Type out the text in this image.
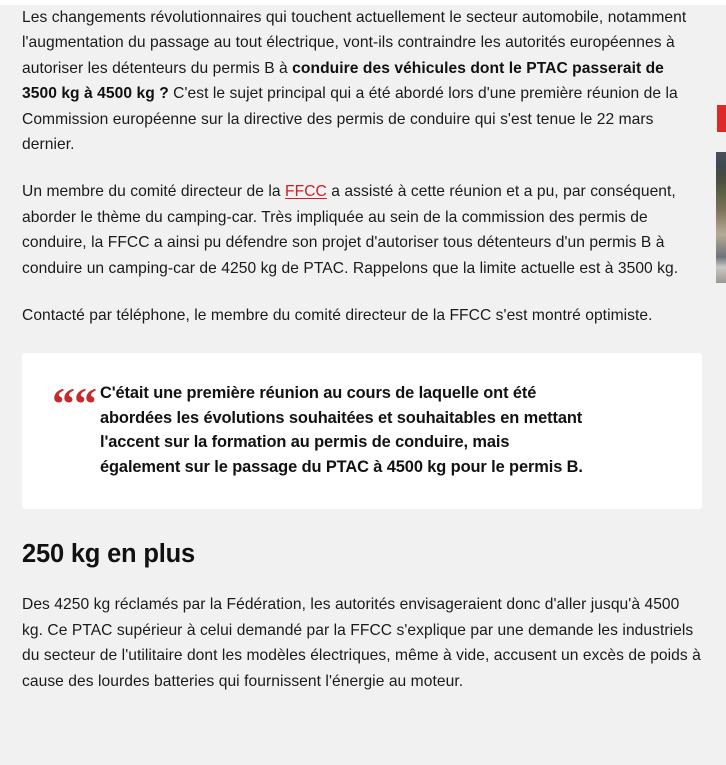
Les changements révolutionnaires qui touchent actuellement le secteur automobile, notamment l'augmentation du passage au tout électrique, vont-ils contraindre les autorités européennes à autoriser les détenteurs du permis B à conduire des véhicules dont le PTAC passerait de 3500 kg à 4500 kg ? C'est le sujet principal qui a été abordé lors d'une première réunion de la Commission européenne sur la directive des permis de conduire qui s'est tenue le 22 mars dernier.

Un membre du comité directeur de la FFCC a assisté à cette réunion et a pu, par conséquent, aborder le thème du camping-car. Très impliquée au sein de la commission des permis de conduire, la FFCC a ainsi pu défendre son projet d'autoriser tous détenteurs d'un permis B à conduire un camping-car de 4250 kg de PTAC. Rappelons que la limite actuelle est à 3500 kg.

Contacté par téléphone, le membre du comité directeur de la FFCC s'est montré optimiste.

““ C'était une première réunion au cours de laquelle ont été abordées les évolutions souhaitées et souhaitables en mettant l'accent sur la formation au permis de conduire, mais également sur le passage du PTAC à 4500 kg pour le permis B.
250 kg en plus

Des 4250 kg réclamés par la Fédération, les autorités envisageraient donc d'aller jusqu'à 4500 kg. Ce PTAC supérieur à celui demandé par la FFCC s'explique par une demande les industriels du secteur de l'utilitaire dont les modèles électriques, même à vide, accusent un excès de poids à cause des lourdes batteries qui fournissent l'énergie au moteur.
